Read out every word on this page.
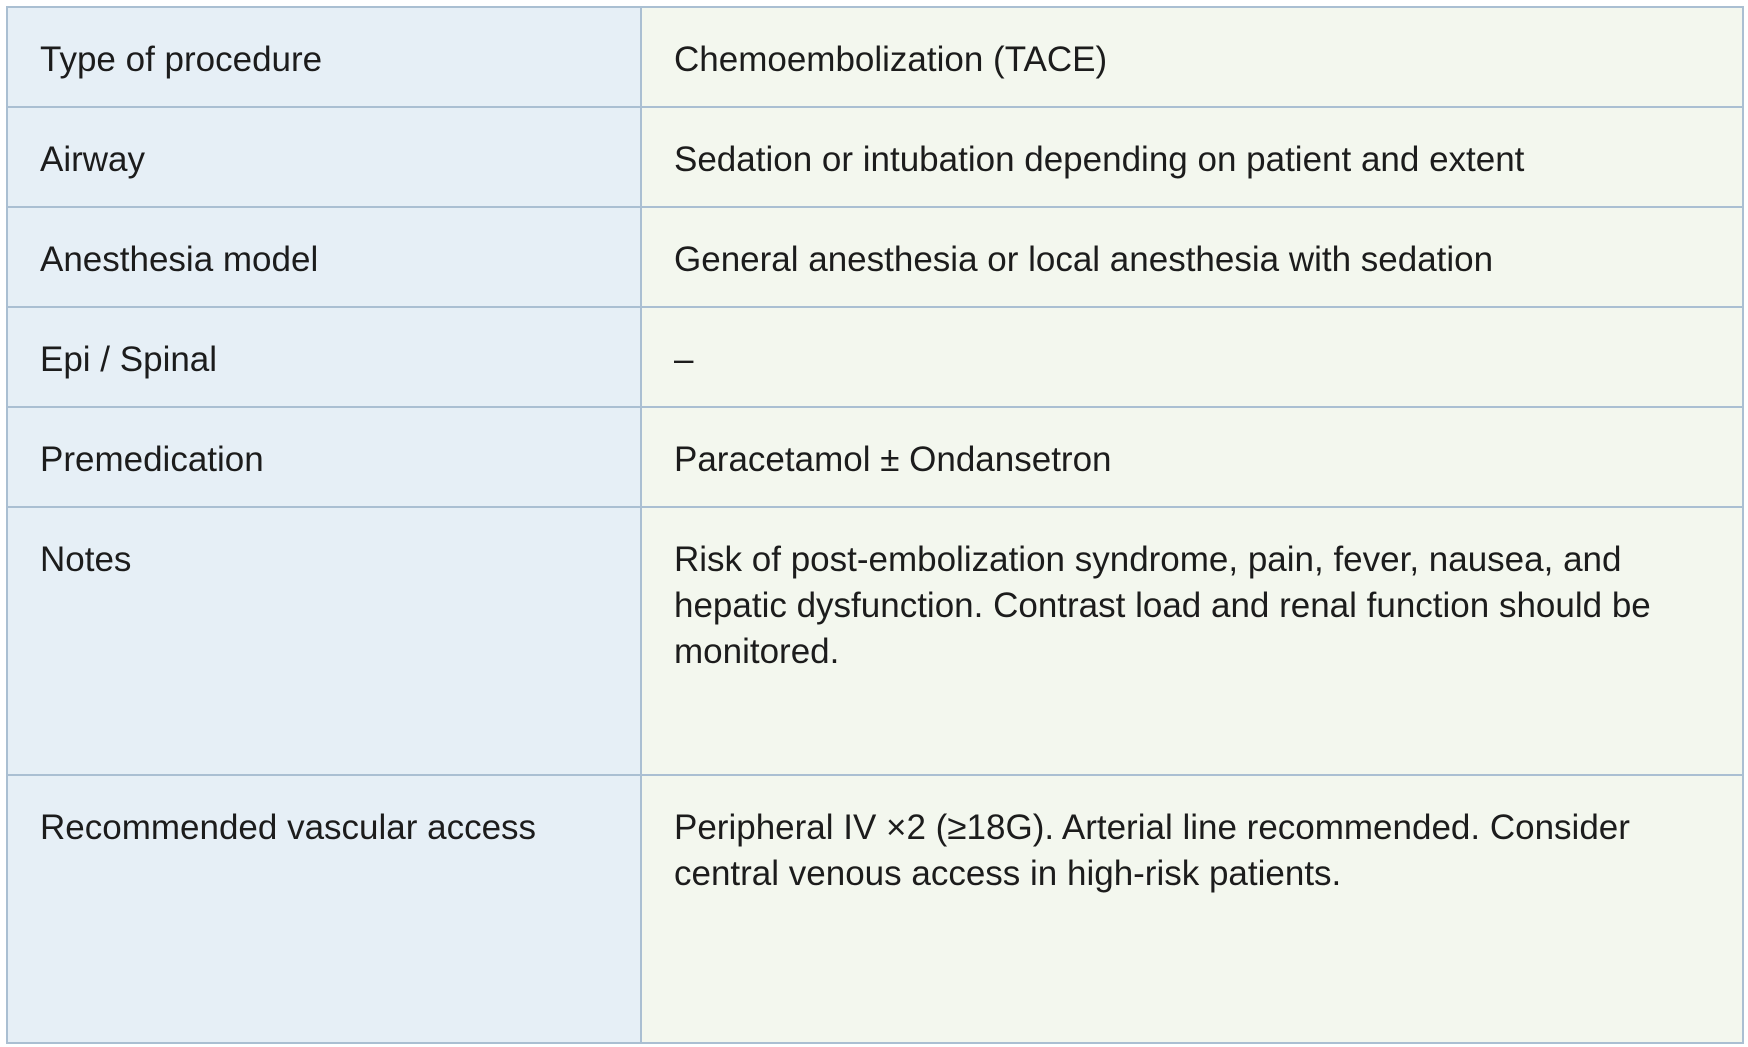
Type of procedure	Chemoembolization (TACE)
Airway	Sedation or intubation depending on patient and extent
Anesthesia model	General anesthesia or local anesthesia with sedation
Epi / Spinal	–
Premedication	Paracetamol ± Ondansetron
Notes	Risk of post-embolization syndrome, pain, fever, nausea, and hepatic dysfunction. Contrast load and renal function should be monitored.
Recommended vascular access	Peripheral IV ×2 (≥18G). Arterial line recommended. Consider central venous access in high-risk patients.
